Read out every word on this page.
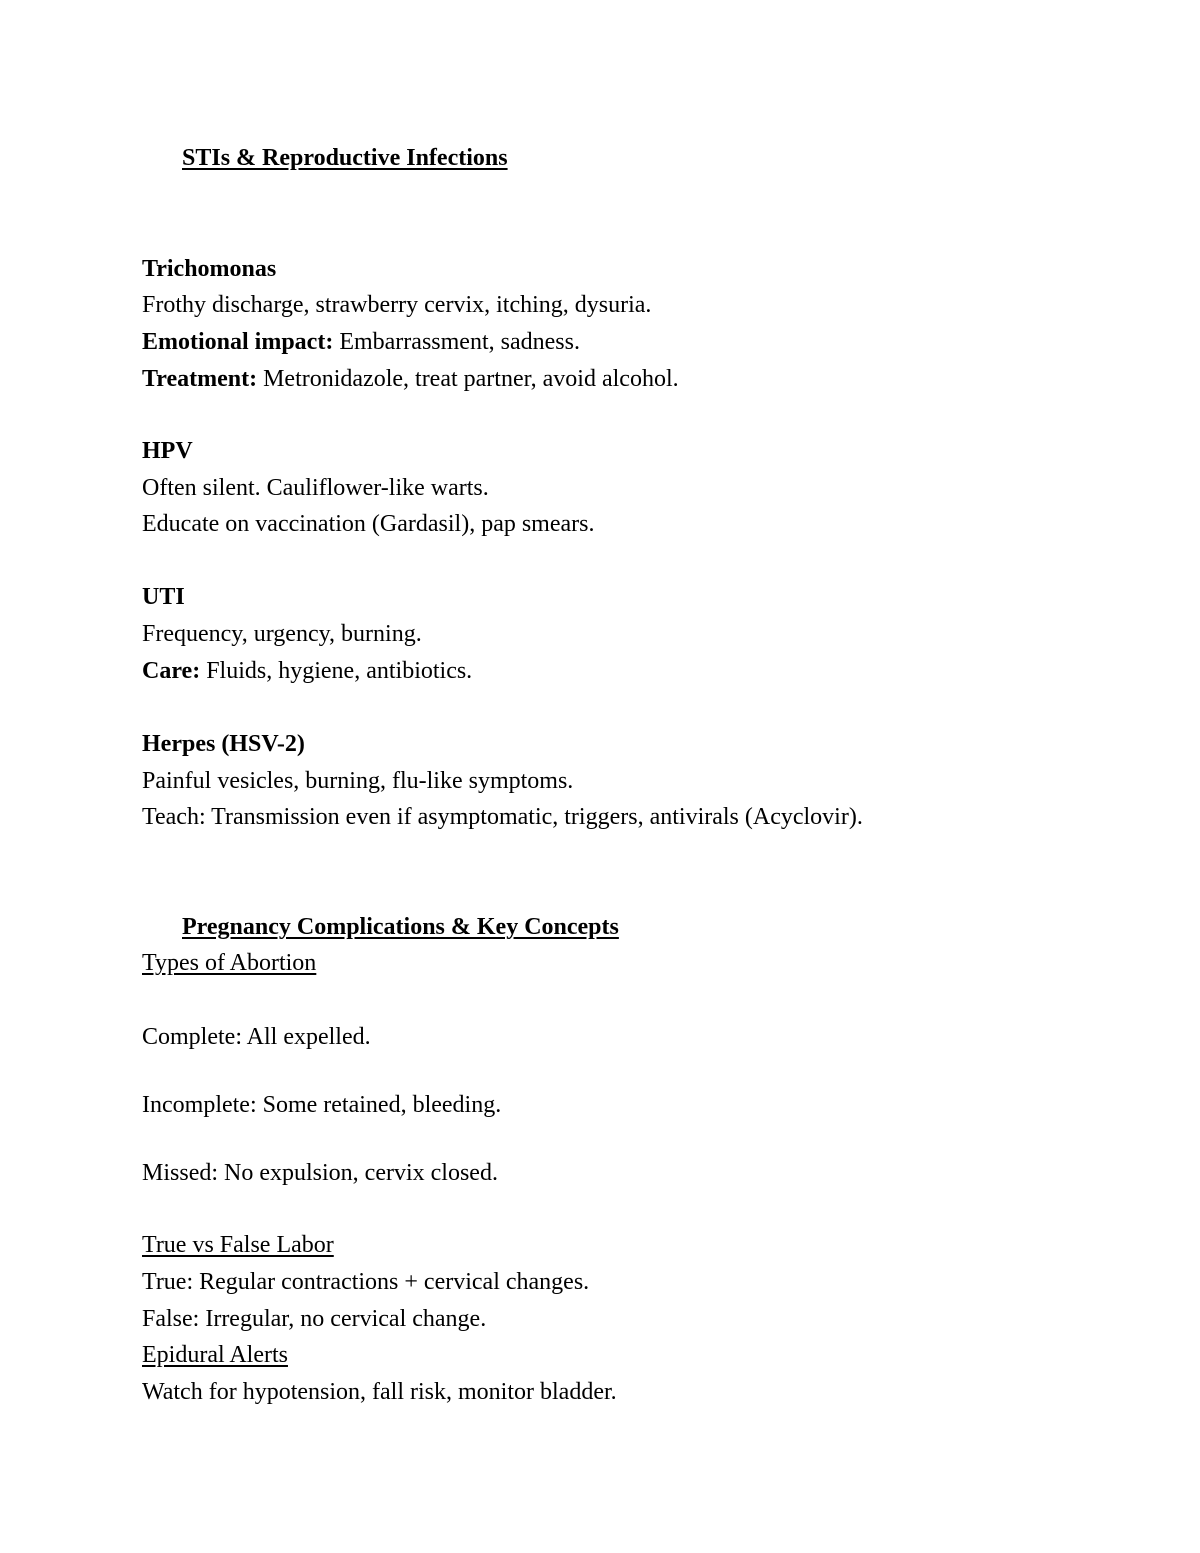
STIs & Reproductive Infections
Trichomonas
Frothy discharge, strawberry cervix, itching, dysuria.
Emotional impact: Embarrassment, sadness.
Treatment: Metronidazole, treat partner, avoid alcohol.
HPV
Often silent. Cauliflower-like warts.
Educate on vaccination (Gardasil), pap smears.
UTI
Frequency, urgency, burning.
Care: Fluids, hygiene, antibiotics.
Herpes (HSV-2)
Painful vesicles, burning, flu-like symptoms.
Teach: Transmission even if asymptomatic, triggers, antivirals (Acyclovir).
Pregnancy Complications & Key Concepts
Types of Abortion
Complete: All expelled.
Incomplete: Some retained, bleeding.
Missed: No expulsion, cervix closed.
True vs False Labor
True: Regular contractions + cervical changes.
False: Irregular, no cervical change.
Epidural Alerts
Watch for hypotension, fall risk, monitor bladder.
